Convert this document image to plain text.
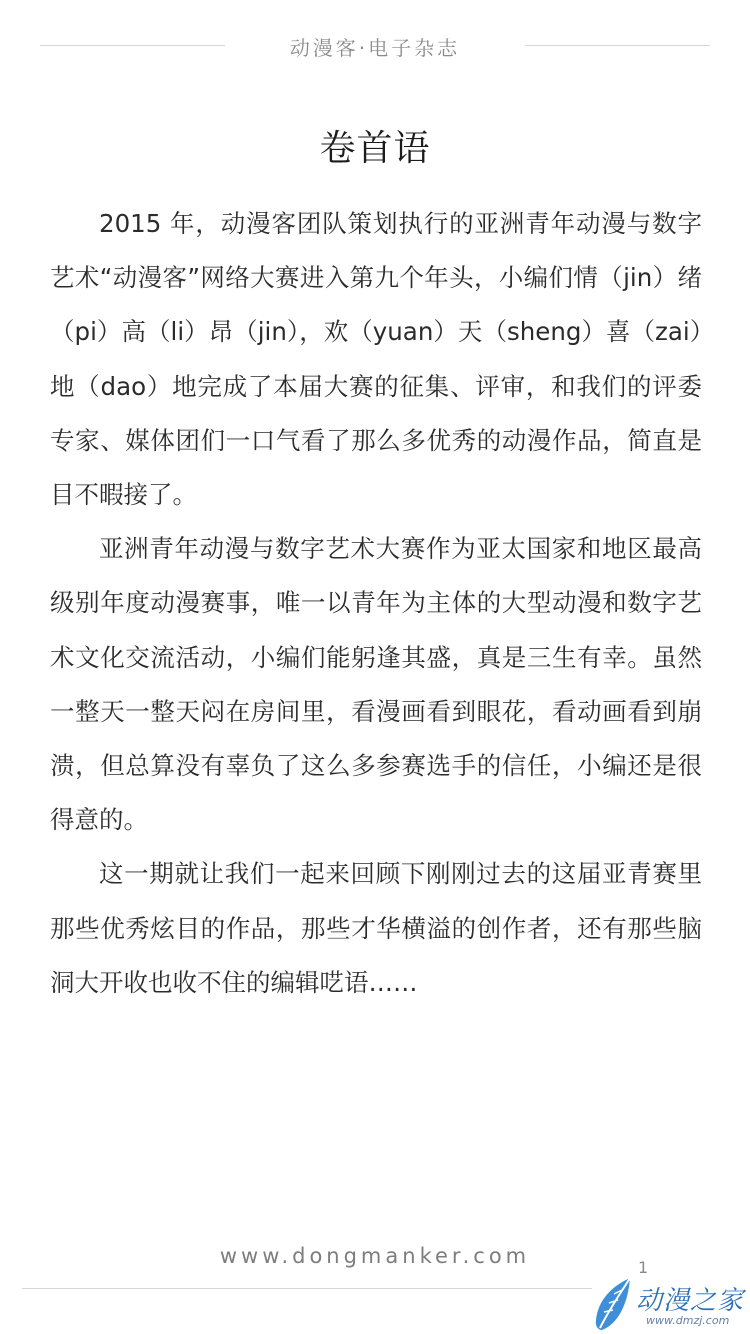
动漫客·电子杂志
卷首语

2015 年，动漫客团队策划执行的亚洲青年动漫与数字艺术“动漫客”网络大赛进入第九个年头，小编们情（jin）绪（pi）高（li）昂（jin），欢（yuan）天（sheng）喜（zai）地（dao）地完成了本届大赛的征集、评审，和我们的评委专家、媒体团们一口气看了那么多优秀的动漫作品，简直是目不暇接了。

亚洲青年动漫与数字艺术大赛作为亚太国家和地区最高级别年度动漫赛事，唯一以青年为主体的大型动漫和数字艺术文化交流活动，小编们能躬逢其盛，真是三生有幸。虽然一整天一整天闷在房间里，看漫画看到眼花，看动画看到崩溃，但总算没有辜负了这么多参赛选手的信任，小编还是很得意的。

这一期就让我们一起来回顾下刚刚过去的这届亚青赛里那些优秀炫目的作品，那些才华横溢的创作者，还有那些脑洞大开收也收不住的编辑呓语……

www.dongmanker.com	1
动漫之家
www.dmzj.com
